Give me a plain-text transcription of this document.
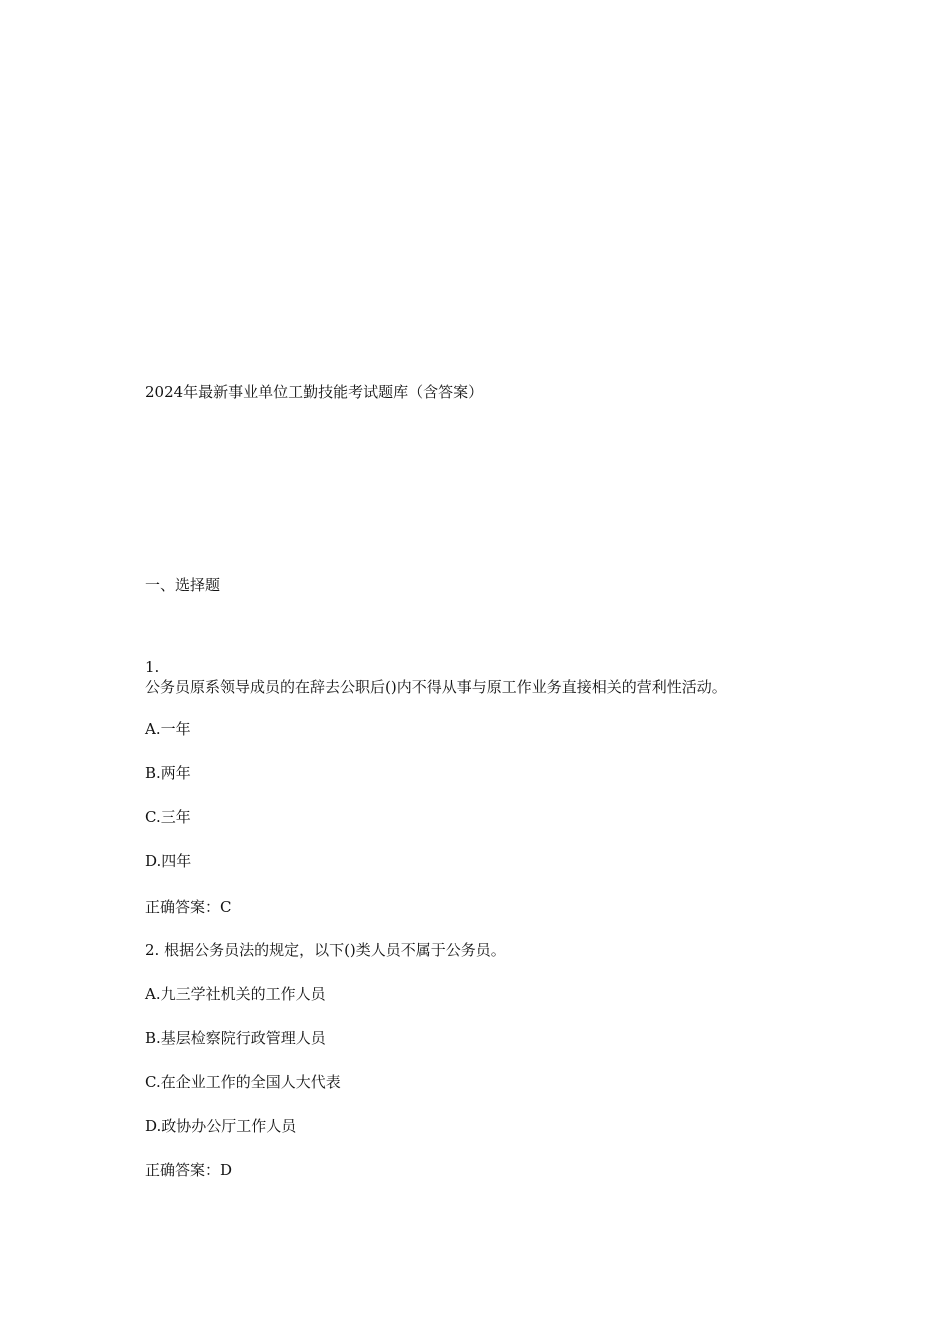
2024年最新事业单位工勤技能考试题库（含答案）
一、选择题
1.
公务员原系领导成员的在辞去公职后()内不得从事与原工作业务直接相关的营利性活动。
A.一年
B.两年
C.三年
D.四年
正确答案：C
2. 根据公务员法的规定，以下()类人员不属于公务员。
A.九三学社机关的工作人员
B.基层检察院行政管理人员
C.在企业工作的全国人大代表
D.政协办公厅工作人员
正确答案：D
